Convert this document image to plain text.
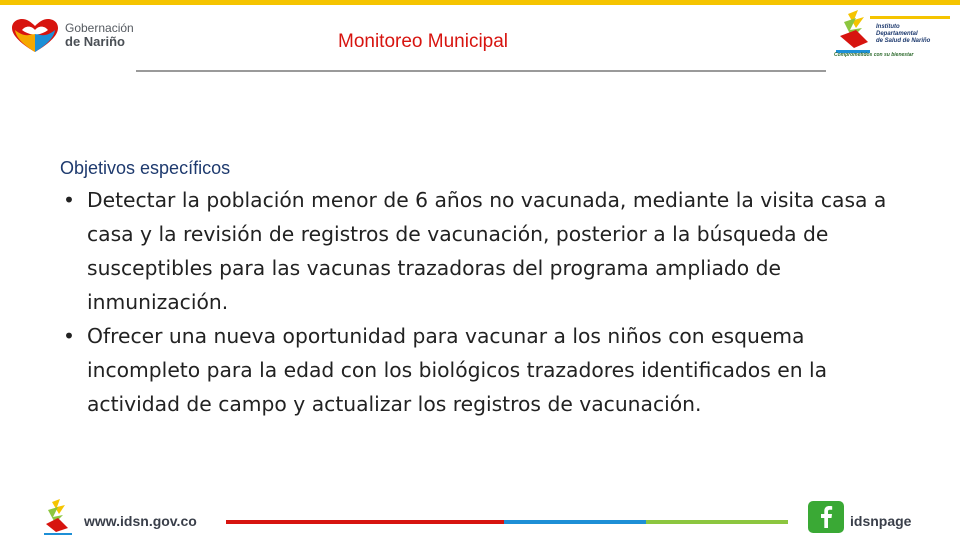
Gobernación
de Nariño	Monitoreo Municipal
Instituto
Departamental
de Salud de Nariño
Comprometidos con su bienestar
Objetivos específicos
• Detectar la población menor de 6 años no vacunada, mediante la visita casa a casa y la revisión de registros de vacunación, posterior a la búsqueda de susceptibles para las vacunas trazadoras del programa ampliado de inmunización.
• Ofrecer una nueva oportunidad para vacunar a los niños con esquema incompleto para la edad con los biológicos trazadores identificados en la actividad de campo y actualizar los registros de vacunación.
www.idsn.gov.co	idsnpage
